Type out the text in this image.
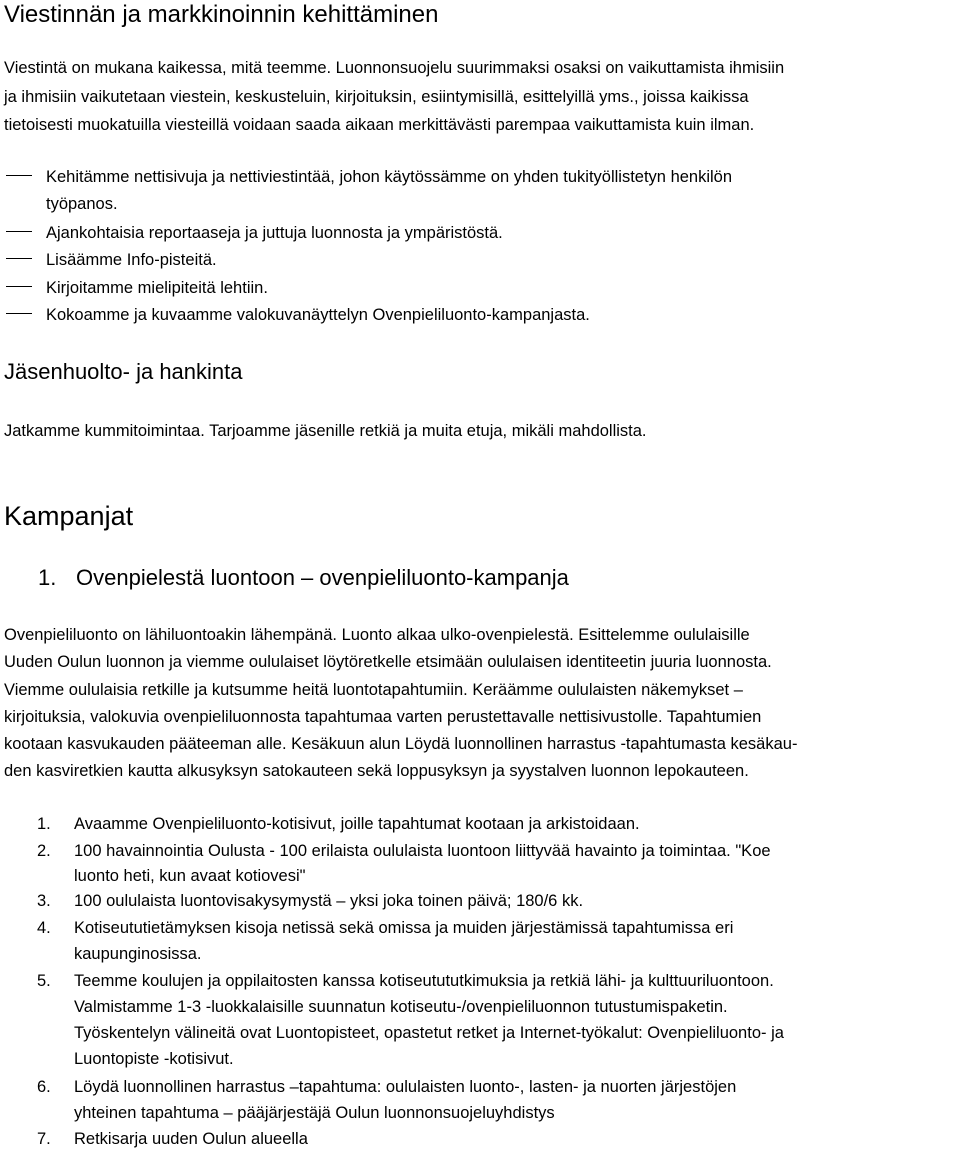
Viestinnän ja markkinoinnin kehittäminen
Viestintä on mukana kaikessa, mitä teemme. Luonnonsuojelu suurimmaksi osaksi on vaikuttamista ihmisiin
ja ihmisiin vaikutetaan viestein, keskusteluin, kirjoituksin, esiintymisillä, esittelyillä yms., joissa kaikissa
tietoisesti muokatuilla viesteillä voidaan saada aikaan merkittävästi parempaa vaikuttamista kuin ilman.
Kehitämme nettisivuja ja nettiviestintää, johon käytössämme on yhden tukityöllistetyn henkilön
työpanos.
Ajankohtaisia reportaaseja ja juttuja luonnosta ja ympäristöstä.
Lisäämme Info-pisteitä.
Kirjoitamme mielipiteitä lehtiin.
Kokoamme ja kuvaamme valokuvanäyttelyn Ovenpieliluonto-kampanjasta.
Jäsenhuolto- ja hankinta
Jatkamme kummitoimintaa. Tarjoamme jäsenille retkiä ja muita etuja, mikäli mahdollista.
Kampanjat
1. Ovenpielestä luontoon – ovenpieliluonto-kampanja
Ovenpieliluonto on lähiluontoakin lähempänä. Luonto alkaa ulko-ovenpielestä. Esittelemme oululaisille
Uuden Oulun luonnon ja viemme oululaiset löytöretkelle etsimään oululaisen identiteetin juuria luonnosta.
Viemme oululaisia retkille ja kutsumme heitä luontotapahtumiin. Keräämme oululaisten näkemykset –
kirjoituksia, valokuvia ovenpieliluonnosta tapahtumaa varten perustettavalle nettisivustolle. Tapahtumien
kootaan kasvukauden pääteeman alle. Kesäkuun alun Löydä luonnollinen harrastus -tapahtumasta kesäkau-
den kasviretkien kautta alkusyksyn satokauteen sekä loppusyksyn ja syystalven luonnon lepokauteen.
1.	Avaamme Ovenpieliluonto-kotisivut, joille tapahtumat kootaan ja arkistoidaan.
2.	100 havainnointia Oulusta - 100 erilaista oululaista luontoon liittyvää havainto ja toimintaa. "Koe
luonto heti, kun avaat kotiovesi"
3.	100 oululaista luontovisakysymystä – yksi joka toinen päivä; 180/6 kk.
4.	Kotiseututietämyksen kisoja netissä sekä omissa ja muiden järjestämissä tapahtumissa eri
kaupunginosissa.
5.	Teemme koulujen ja oppilaitosten kanssa kotiseutututkimuksia ja retkiä lähi- ja kulttuuriluontoon.
Valmistamme 1-3 -luokkalaisille suunnatun kotiseutu-/ovenpieliluonnon tutustumispaketin.
Työskentelyn välineitä ovat Luontopisteet, opastetut retket ja Internet-työkalut: Ovenpieliluonto- ja
Luontopiste -kotisivut.
6.	Löydä luonnollinen harrastus –tapahtuma: oululaisten luonto-, lasten- ja nuorten järjestöjen
yhteinen tapahtuma – pääjärjestäjä Oulun luonnonsuojeluyhdistys
7.	Retkisarja uuden Oulun alueella
